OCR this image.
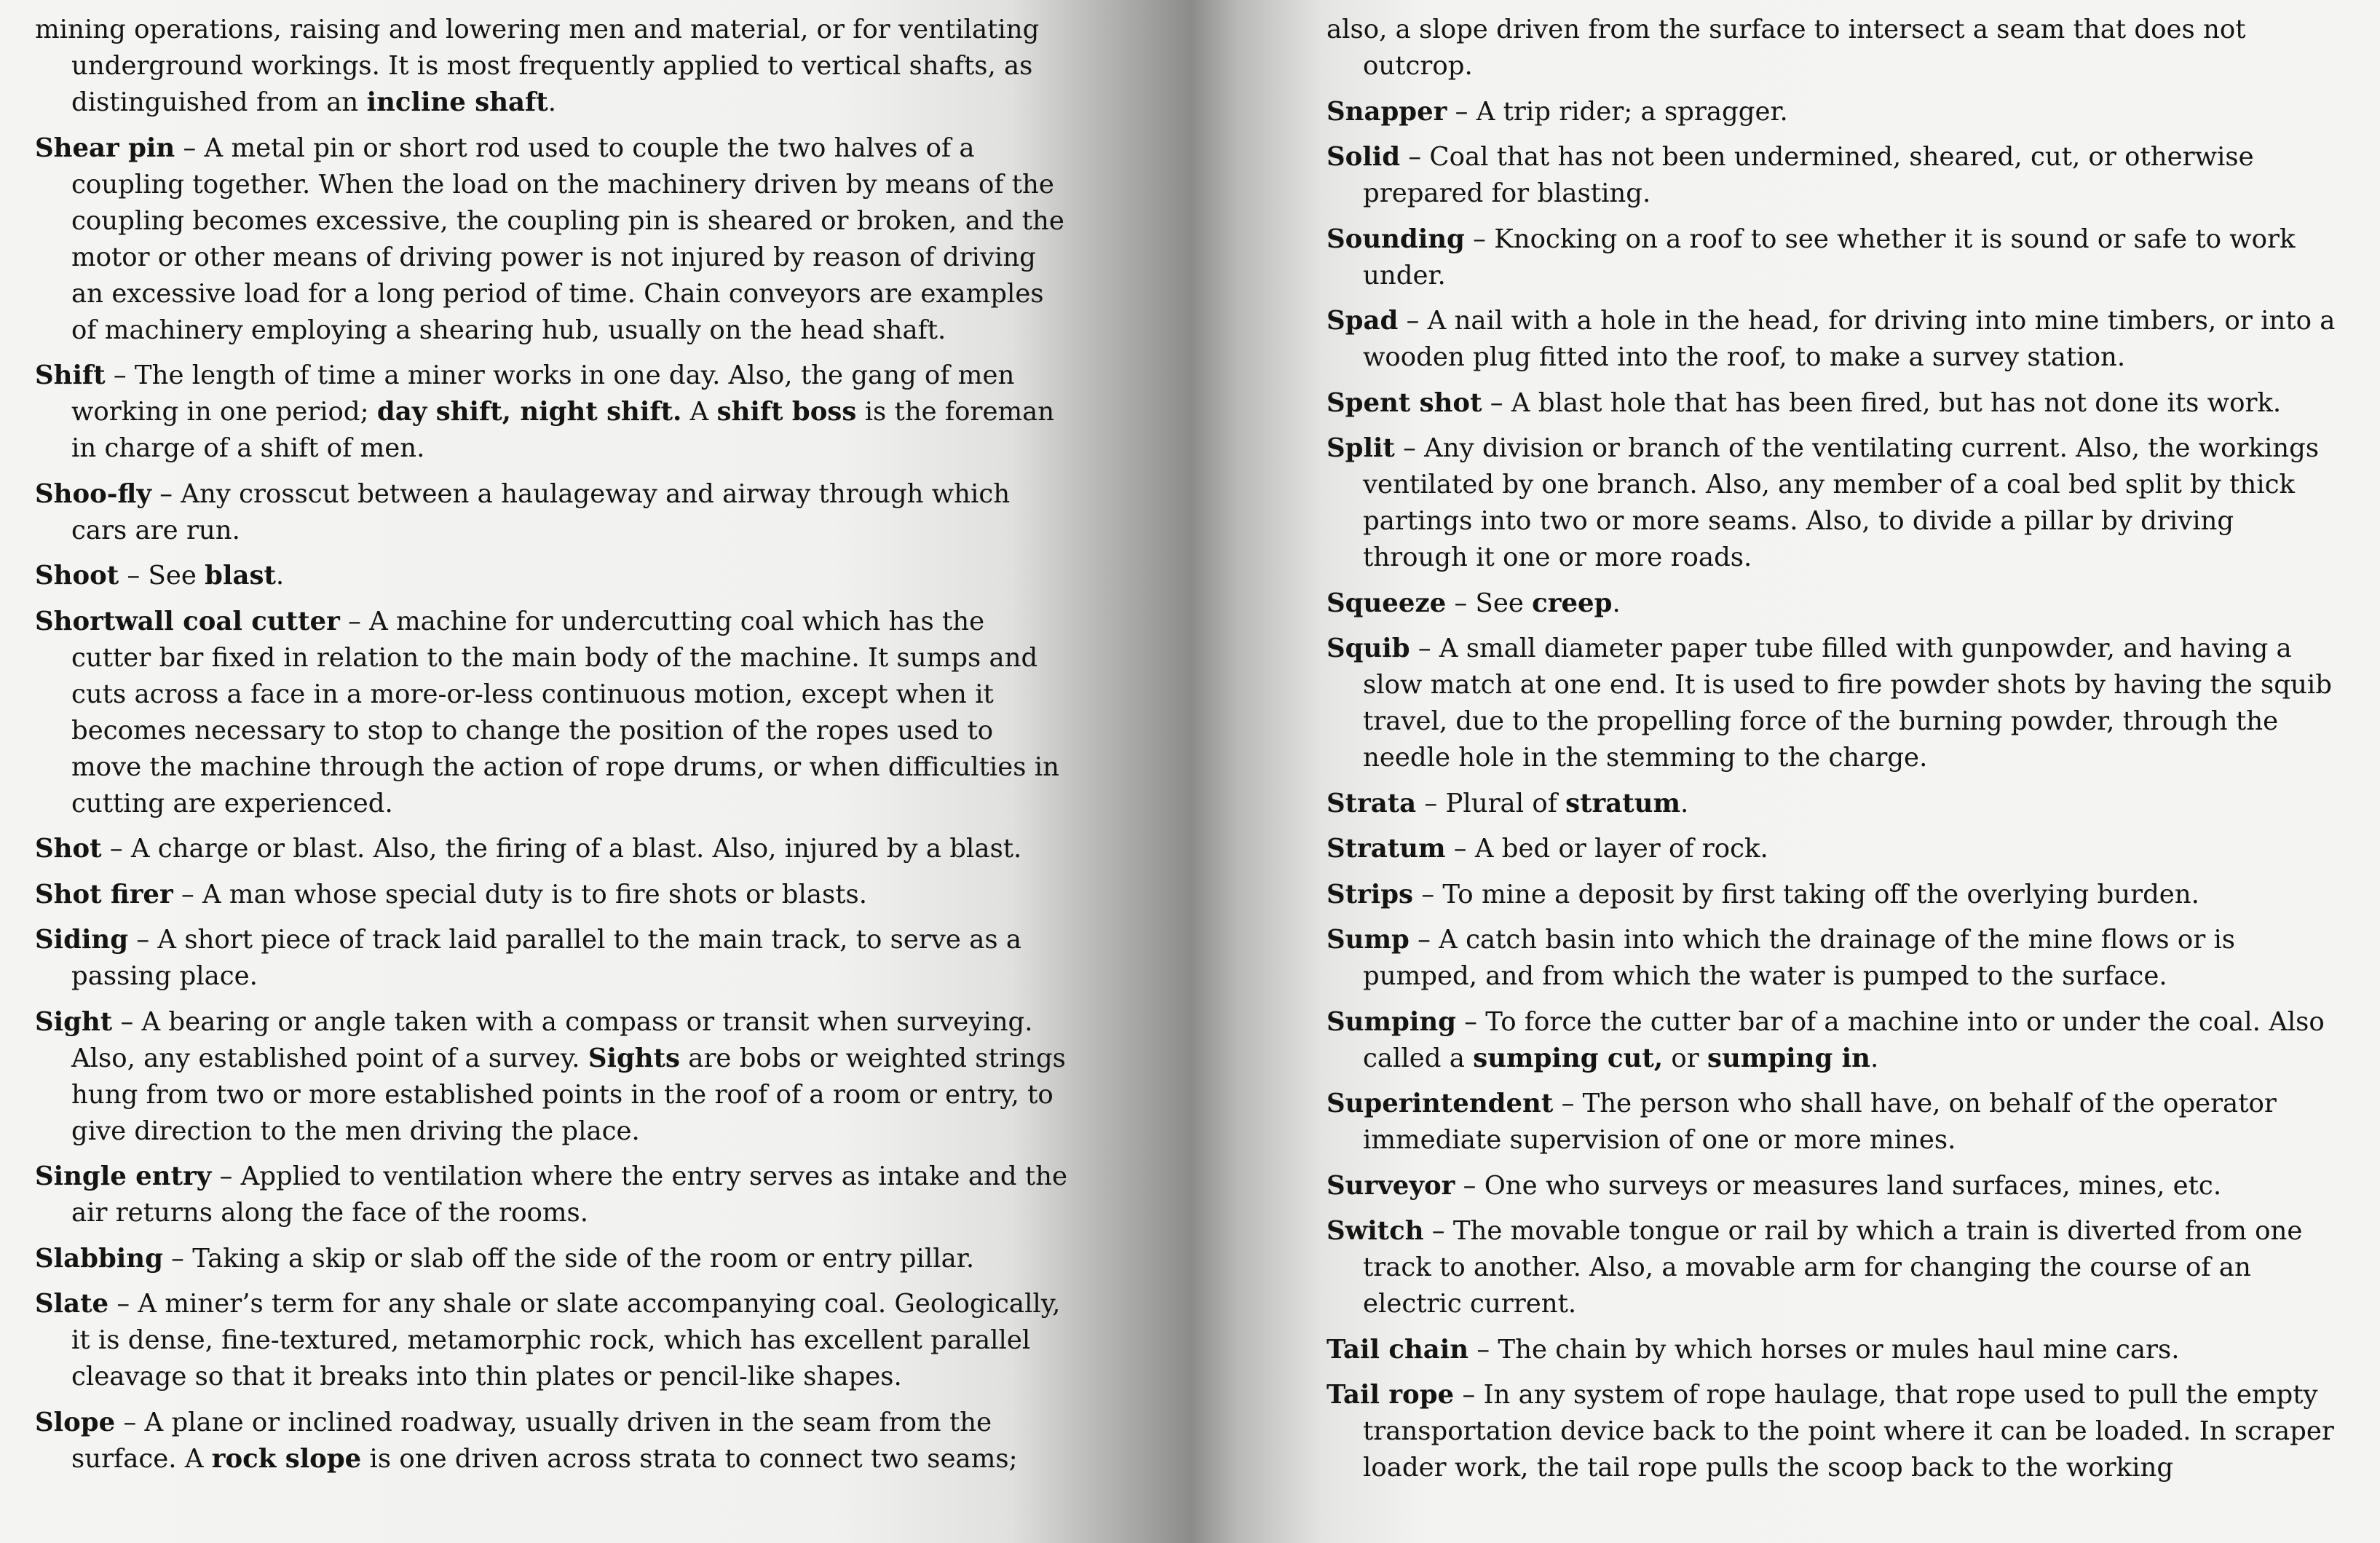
mining operations, raising and lowering men and material, or for ventilating underground workings. It is most frequently applied to vertical shafts, as distinguished from an incline shaft.

Shear pin – A metal pin or short rod used to couple the two halves of a coupling together. When the load on the machinery driven by means of the coupling becomes excessive, the coupling pin is sheared or broken, and the motor or other means of driving power is not injured by reason of driving an excessive load for a long period of time. Chain conveyors are examples of machinery employing a shearing hub, usually on the head shaft.

Shift – The length of time a miner works in one day. Also, the gang of men working in one period; day shift, night shift. A shift boss is the foreman in charge of a shift of men.

Shoo-fly – Any crosscut between a haulageway and airway through which cars are run.

Shoot – See blast.

Shortwall coal cutter – A machine for undercutting coal which has the cutter bar fixed in relation to the main body of the machine. It sumps and cuts across a face in a more-or-less continuous motion, except when it becomes necessary to stop to change the position of the ropes used to move the machine through the action of rope drums, or when difficulties in cutting are experienced.

Shot – A charge or blast. Also, the firing of a blast. Also, injured by a blast.

Shot firer – A man whose special duty is to fire shots or blasts.

Siding – A short piece of track laid parallel to the main track, to serve as a passing place.

Sight – A bearing or angle taken with a compass or transit when surveying. Also, any established point of a survey. Sights are bobs or weighted strings hung from two or more established points in the roof of a room or entry, to give direction to the men driving the place.

Single entry – Applied to ventilation where the entry serves as intake and the air returns along the face of the rooms.

Slabbing – Taking a skip or slab off the side of the room or entry pillar.

Slate – A miner’s term for any shale or slate accompanying coal. Geologically, it is dense, fine-textured, metamorphic rock, which has excellent parallel cleavage so that it breaks into thin plates or pencil-like shapes.

Slope – A plane or inclined roadway, usually driven in the seam from the surface. A rock slope is one driven across strata to connect two seams;

also, a slope driven from the surface to intersect a seam that does not outcrop.

Snapper – A trip rider; a spragger.

Solid – Coal that has not been undermined, sheared, cut, or otherwise prepared for blasting.

Sounding – Knocking on a roof to see whether it is sound or safe to work under.

Spad – A nail with a hole in the head, for driving into mine timbers, or into a wooden plug fitted into the roof, to make a survey station.

Spent shot – A blast hole that has been fired, but has not done its work.

Split – Any division or branch of the ventilating current. Also, the workings ventilated by one branch. Also, any member of a coal bed split by thick partings into two or more seams. Also, to divide a pillar by driving through it one or more roads.

Squeeze – See creep.

Squib – A small diameter paper tube filled with gunpowder, and having a slow match at one end. It is used to fire powder shots by having the squib travel, due to the propelling force of the burning powder, through the needle hole in the stemming to the charge.

Strata – Plural of stratum.

Stratum – A bed or layer of rock.

Strips – To mine a deposit by first taking off the overlying burden.

Sump – A catch basin into which the drainage of the mine flows or is pumped, and from which the water is pumped to the surface.

Sumping – To force the cutter bar of a machine into or under the coal. Also called a sumping cut, or sumping in.

Superintendent – The person who shall have, on behalf of the operator immediate supervision of one or more mines.

Surveyor – One who surveys or measures land surfaces, mines, etc.

Switch – The movable tongue or rail by which a train is diverted from one track to another. Also, a movable arm for changing the course of an electric current.

Tail chain – The chain by which horses or mules haul mine cars.

Tail rope – In any system of rope haulage, that rope used to pull the empty transportation device back to the point where it can be loaded. In scraper loader work, the tail rope pulls the scoop back to the working
